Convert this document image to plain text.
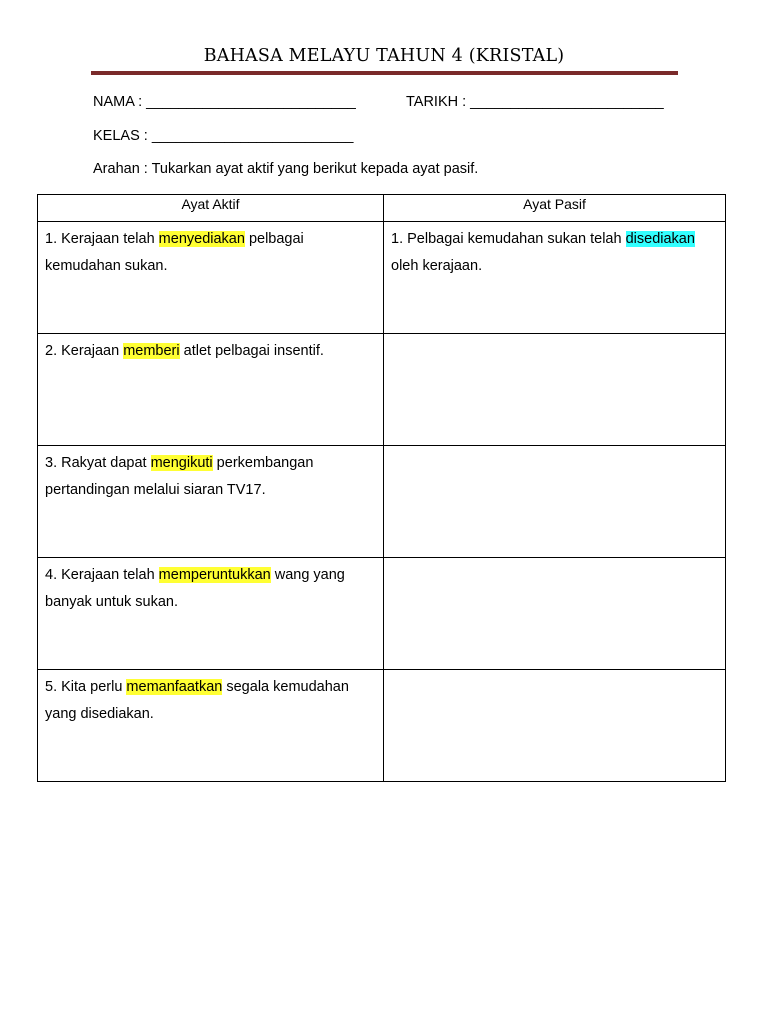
BAHASA MELAYU TAHUN 4 (KRISTAL)
NAMA : __________________________	TARIKH : ________________________
KELAS : _________________________
Arahan : Tukarkan ayat aktif yang berikut kepada ayat pasif.
Ayat Aktif	Ayat Pasif
1. Kerajaan telah menyediakan pelbagai kemudahan sukan.	1. Pelbagai kemudahan sukan telah disediakan oleh kerajaan.
2. Kerajaan memberi atlet pelbagai insentif.	
3. Rakyat dapat mengikuti perkembangan pertandingan melalui siaran TV17.	
4. Kerajaan telah memperuntukkan wang yang banyak untuk sukan.	
5. Kita perlu memanfaatkan segala kemudahan yang disediakan.	
